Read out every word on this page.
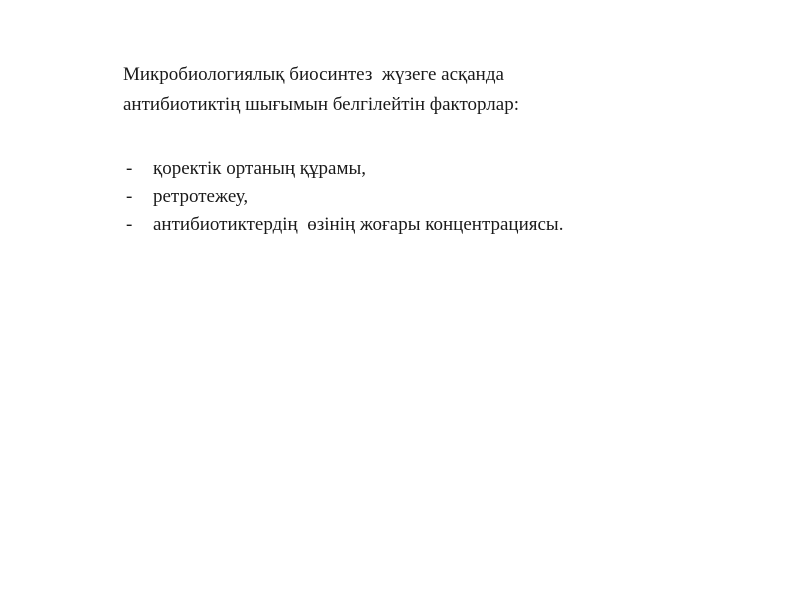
Микробиологиялық биосинтез  жүзеге асқанда
антибиотиктің шығымын белгілейтін факторлар:

-	қоректік ортаның құрамы,
-	ретротежеу,
-	антибиотиктердің  өзінің жоғары концентрациясы.
